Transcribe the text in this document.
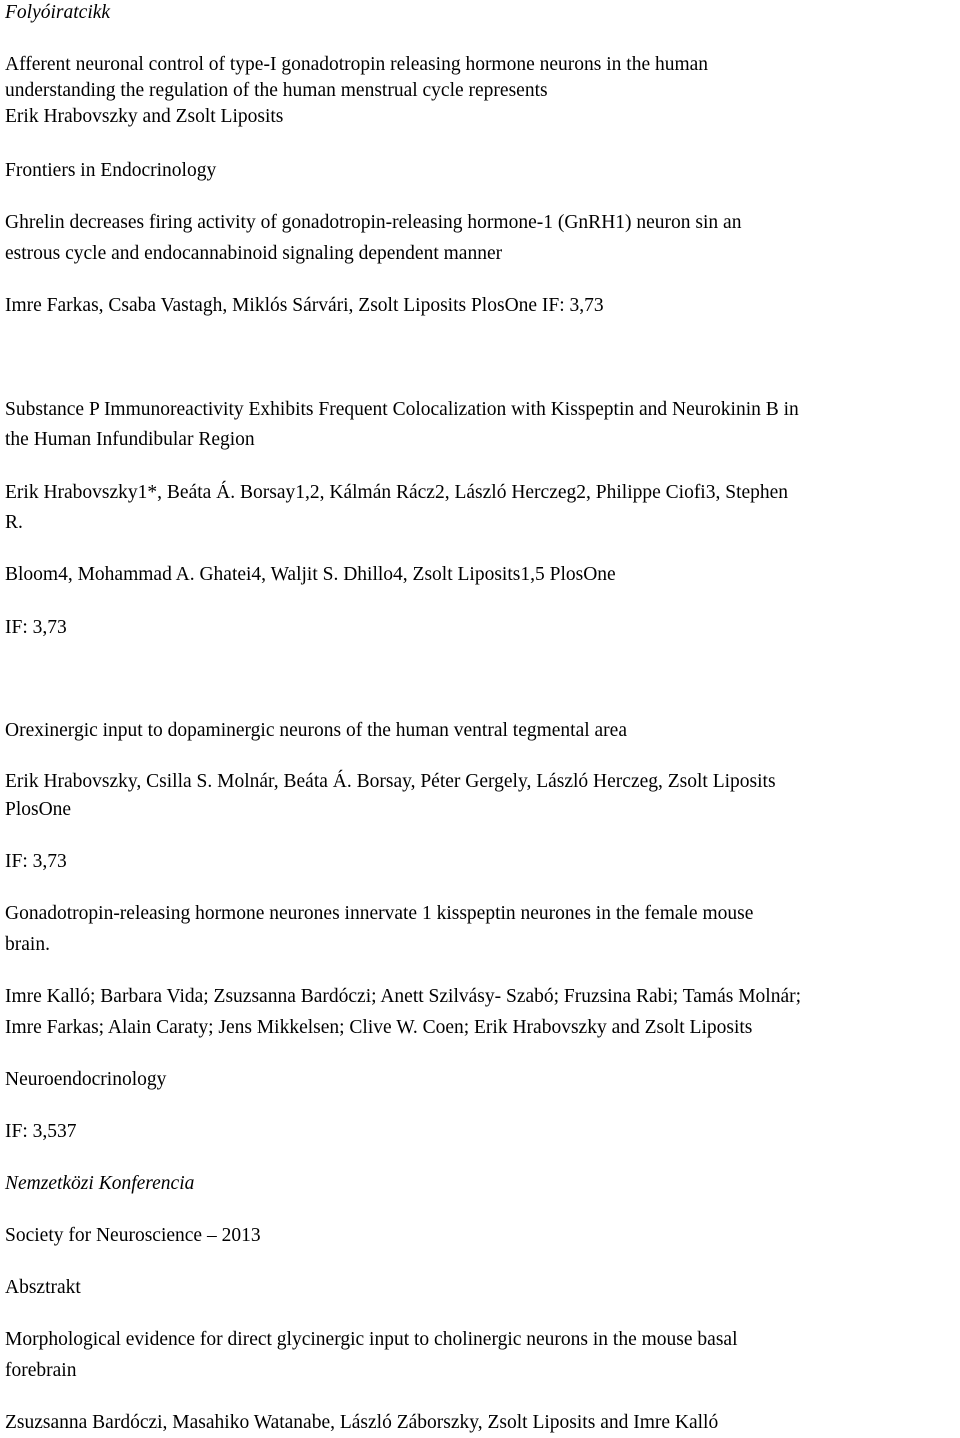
Folyóiratcikk
Afferent neuronal control of type-I gonadotropin releasing hormone neurons in the human
understanding the regulation of the human menstrual cycle represents
Erik Hrabovszky and Zsolt Liposits
Frontiers in Endocrinology
Ghrelin decreases firing activity of gonadotropin-releasing hormone-1 (GnRH1) neuron sin an
estrous cycle and endocannabinoid signaling dependent manner
Imre Farkas, Csaba Vastagh, Miklós Sárvári, Zsolt Liposits PlosOne IF: 3,73
Substance P Immunoreactivity Exhibits Frequent Colocalization with Kisspeptin and Neurokinin B in
the Human Infundibular Region
Erik Hrabovszky1*, Beáta Á. Borsay1,2, Kálmán Rácz2, László Herczeg2, Philippe Ciofi3, Stephen
R.
Bloom4, Mohammad A. Ghatei4, Waljit S. Dhillo4, Zsolt Liposits1,5 PlosOne
IF: 3,73
Orexinergic input to dopaminergic neurons of the human ventral tegmental area
Erik Hrabovszky, Csilla S. Molnár, Beáta Á. Borsay, Péter Gergely, László Herczeg, Zsolt Liposits
PlosOne
IF: 3,73
Gonadotropin-releasing hormone neurones innervate 1 kisspeptin neurones in the female mouse
brain.
Imre Kalló; Barbara Vida; Zsuzsanna Bardóczi; Anett Szilvásy- Szabó; Fruzsina Rabi; Tamás Molnár;
Imre Farkas; Alain Caraty; Jens Mikkelsen; Clive W. Coen; Erik Hrabovszky and Zsolt Liposits
Neuroendocrinology
IF: 3,537
Nemzetközi Konferencia
Society for Neuroscience – 2013
Absztrakt
Morphological evidence for direct glycinergic input to cholinergic neurons in the mouse basal
forebrain
Zsuzsanna Bardóczi, Masahiko Watanabe, László Záborszky, Zsolt Liposits and Imre Kalló
